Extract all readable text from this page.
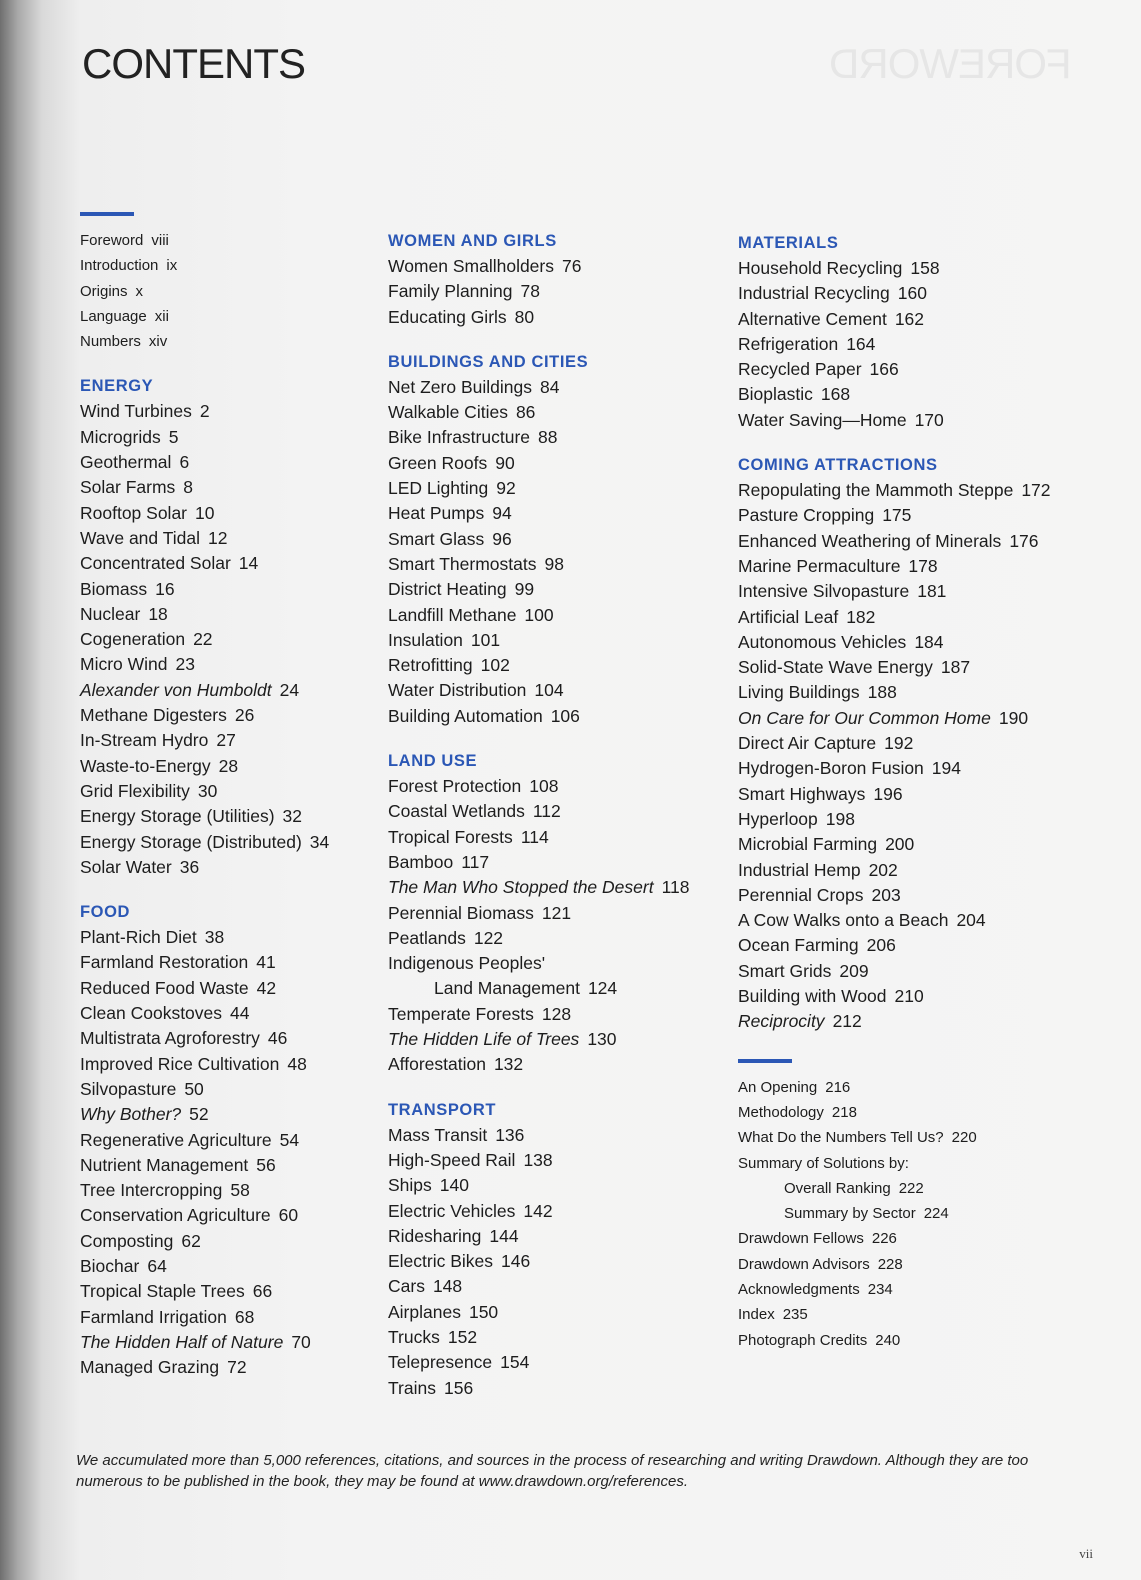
CONTENTS	FOREWORD
Foreword viii
Introduction ix
Origins x
Language xii
Numbers xiv
ENERGY
Wind Turbines 2
Microgrids 5
Geothermal 6
Solar Farms 8
Rooftop Solar 10
Wave and Tidal 12
Concentrated Solar 14
Biomass 16
Nuclear 18
Cogeneration 22
Micro Wind 23
Alexander von Humboldt 24
Methane Digesters 26
In-Stream Hydro 27
Waste-to-Energy 28
Grid Flexibility 30
Energy Storage (Utilities) 32
Energy Storage (Distributed) 34
Solar Water 36
FOOD
Plant-Rich Diet 38
Farmland Restoration 41
Reduced Food Waste 42
Clean Cookstoves 44
Multistrata Agroforestry 46
Improved Rice Cultivation 48
Silvopasture 50
Why Bother? 52
Regenerative Agriculture 54
Nutrient Management 56
Tree Intercropping 58
Conservation Agriculture 60
Composting 62
Biochar 64
Tropical Staple Trees 66
Farmland Irrigation 68
The Hidden Half of Nature 70
Managed Grazing 72
WOMEN AND GIRLS
Women Smallholders 76
Family Planning 78
Educating Girls 80
BUILDINGS AND CITIES
Net Zero Buildings 84
Walkable Cities 86
Bike Infrastructure 88
Green Roofs 90
LED Lighting 92
Heat Pumps 94
Smart Glass 96
Smart Thermostats 98
District Heating 99
Landfill Methane 100
Insulation 101
Retrofitting 102
Water Distribution 104
Building Automation 106
LAND USE
Forest Protection 108
Coastal Wetlands 112
Tropical Forests 114
Bamboo 117
The Man Who Stopped the Desert 118
Perennial Biomass 121
Peatlands 122
Indigenous Peoples'
Land Management 124
Temperate Forests 128
The Hidden Life of Trees 130
Afforestation 132
TRANSPORT
Mass Transit 136
High-Speed Rail 138
Ships 140
Electric Vehicles 142
Ridesharing 144
Electric Bikes 146
Cars 148
Airplanes 150
Trucks 152
Telepresence 154
Trains 156
MATERIALS
Household Recycling 158
Industrial Recycling 160
Alternative Cement 162
Refrigeration 164
Recycled Paper 166
Bioplastic 168
Water Saving—Home 170
COMING ATTRACTIONS
Repopulating the Mammoth Steppe 172
Pasture Cropping 175
Enhanced Weathering of Minerals 176
Marine Permaculture 178
Intensive Silvopasture 181
Artificial Leaf 182
Autonomous Vehicles 184
Solid-State Wave Energy 187
Living Buildings 188
On Care for Our Common Home 190
Direct Air Capture 192
Hydrogen-Boron Fusion 194
Smart Highways 196
Hyperloop 198
Microbial Farming 200
Industrial Hemp 202
Perennial Crops 203
A Cow Walks onto a Beach 204
Ocean Farming 206
Smart Grids 209
Building with Wood 210
Reciprocity 212
An Opening 216
Methodology 218
What Do the Numbers Tell Us? 220
Summary of Solutions by:
Overall Ranking 222
Summary by Sector 224
Drawdown Fellows 226
Drawdown Advisors 228
Acknowledgments 234
Index 235
Photograph Credits 240
We accumulated more than 5,000 references, citations, and sources in the process of researching and writing Drawdown. Although they are too numerous to be published in the book, they may be found at www.drawdown.org/references.
vii
